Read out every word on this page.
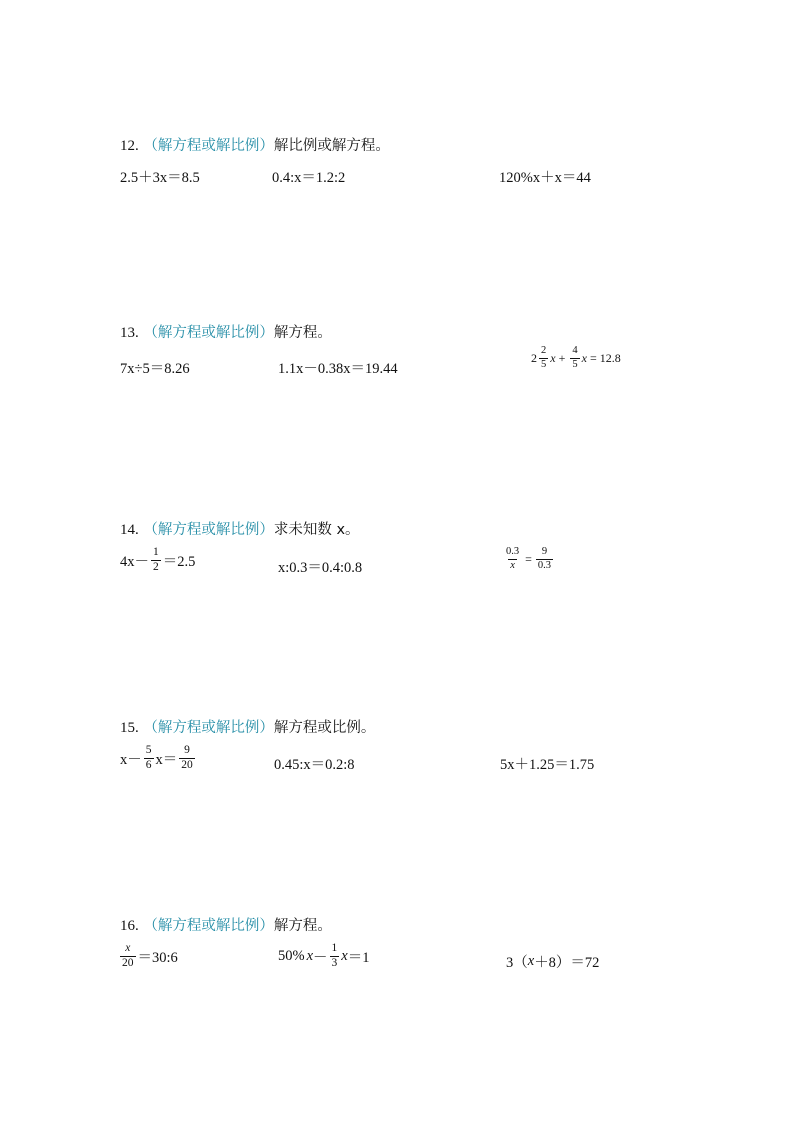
12. （解方程或解比例）解比例或解方程。
2.5＋3x＝8.5	0.4:x＝1.2:2	120%x＋x＝44
13. （解方程或解比例）解方程。
7x÷5＝8.26	1.1x－0.38x＝19.44
$2 \frac{2}{5}$ $x + \frac{4}{5}$ x = 12.8
14. （解方程或解比例）求未知数 x。
$4x- \frac{1}{2} =2.5$	x:0.3＝0.4:0.8	$\frac{0.3}{x} = \frac{9}{0.3}$
15. （解方程或解比例）解方程或比例。
$x- \frac{5}{6} x= \frac{9}{20}$	0.45:x＝0.2:8	5x＋1.25＝1.75
16. （解方程或解比例）解方程。
$\frac{x}{20}$ ＝30:6	50% $x - \frac{1}{3}$ x ＝1	3（ x ＋8）＝72
